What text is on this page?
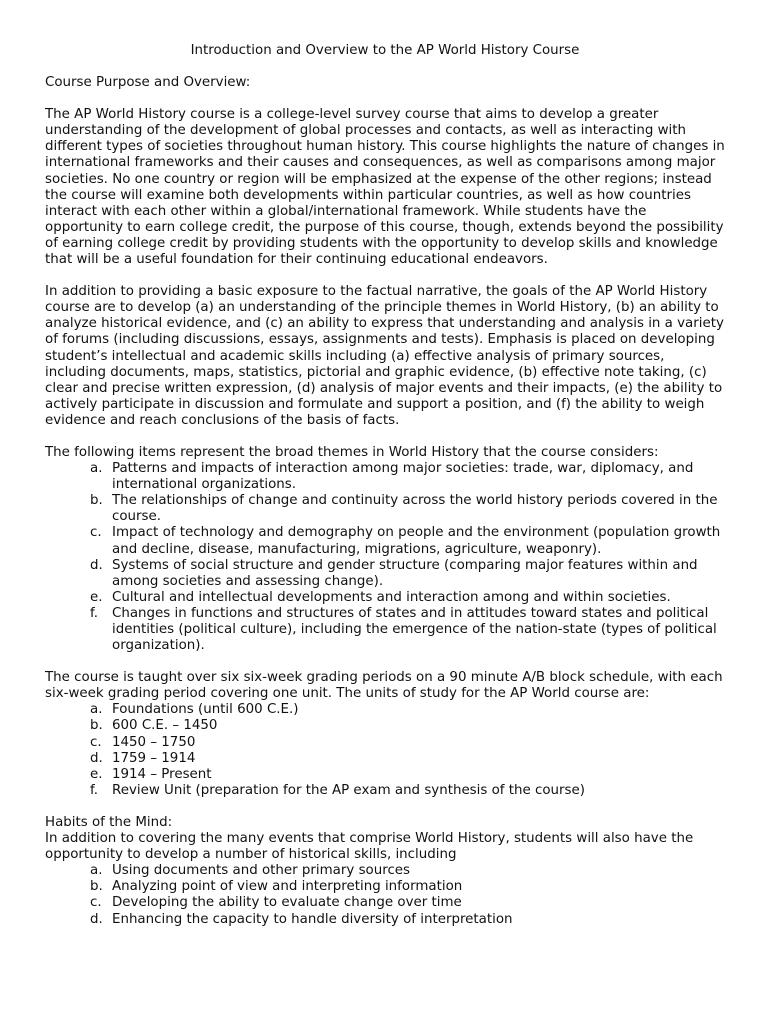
Introduction and Overview to the AP World History Course

Course Purpose and Overview:

The AP World History course is a college-level survey course that aims to develop a greater understanding of the development of global processes and contacts, as well as interacting with different types of societies throughout human history. This course highlights the nature of changes in international frameworks and their causes and consequences, as well as comparisons among major societies. No one country or region will be emphasized at the expense of the other regions; instead the course will examine both developments within particular countries, as well as how countries interact with each other within a global/international framework. While students have the opportunity to earn college credit, the purpose of this course, though, extends beyond the possibility of earning college credit by providing students with the opportunity to develop skills and knowledge that will be a useful foundation for their continuing educational endeavors.

In addition to providing a basic exposure to the factual narrative, the goals of the AP World History course are to develop (a) an understanding of the principle themes in World History, (b) an ability to analyze historical evidence, and (c) an ability to express that understanding and analysis in a variety of forums (including discussions, essays, assignments and tests). Emphasis is placed on developing student’s intellectual and academic skills including (a) effective analysis of primary sources, including documents, maps, statistics, pictorial and graphic evidence, (b) effective note taking, (c) clear and precise written expression, (d) analysis of major events and their impacts, (e) the ability to actively participate in discussion and formulate and support a position, and (f) the ability to weigh evidence and reach conclusions of the basis of facts.

The following items represent the broad themes in World History that the course considers:

a. Patterns and impacts of interaction among major societies: trade, war, diplomacy, and international organizations.
b. The relationships of change and continuity across the world history periods covered in the course.
c. Impact of technology and demography on people and the environment (population growth and decline, disease, manufacturing, migrations, agriculture, weaponry).
d. Systems of social structure and gender structure (comparing major features within and among societies and assessing change).
e. Cultural and intellectual developments and interaction among and within societies.
f. Changes in functions and structures of states and in attitudes toward states and political identities (political culture), including the emergence of the nation-state (types of political organization).

The course is taught over six six-week grading periods on a 90 minute A/B block schedule, with each six-week grading period covering one unit. The units of study for the AP World course are:

a. Foundations (until 600 C.E.)
b. 600 C.E. – 1450
c. 1450 – 1750
d. 1759 – 1914
e. 1914 – Present
f. Review Unit (preparation for the AP exam and synthesis of the course)

Habits of the Mind:

In addition to covering the many events that comprise World History, students will also have the opportunity to develop a number of historical skills, including

a. Using documents and other primary sources
b. Analyzing point of view and interpreting information
c. Developing the ability to evaluate change over time
d. Enhancing the capacity to handle diversity of interpretation
